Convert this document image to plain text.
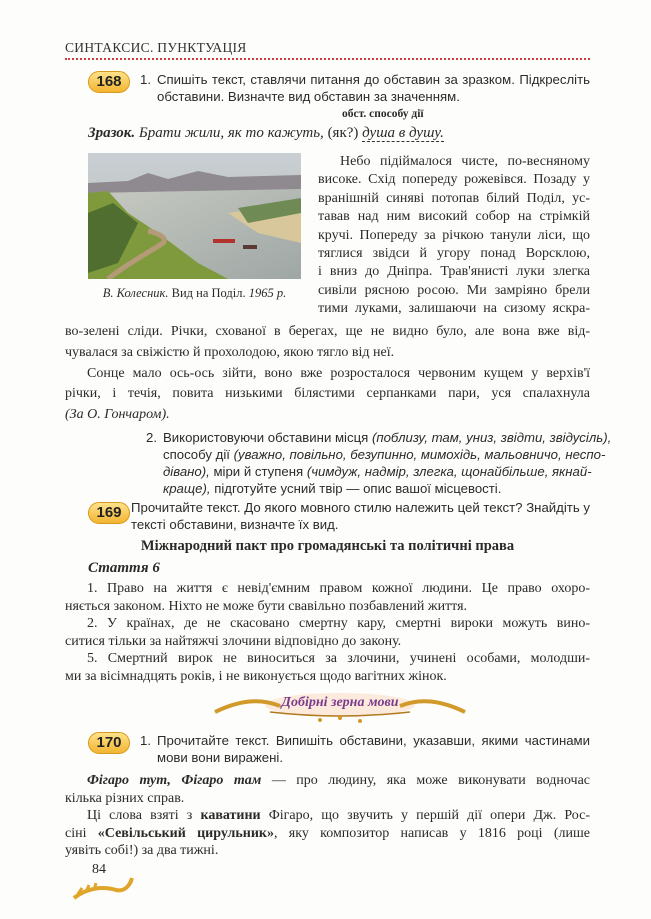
СИНТАКСИС. ПУНКТУАЦІЯ
168	1. Спишіть текст, ставлячи питання до обставин за зразком. Підкресліть
обставини. Визначте вид обставин за значенням.
обст. способу дії
Зразок. Брати жили, як то кажуть, (як?) душа в душу.
В. Колесник. Вид на Поділ. 1965 р.
Небо підіймалося чисте, по-весняному
високе. Схід попереду рожевівся. Позаду у
вранішній синяві потопав білий Поділ, ус-
тавав над ним високий собор на стрімкій
кручі. Попереду за річкою танули ліси, що
тяглися звідси й угору понад Ворсклою,
і вниз до Дніпра. Трав'янисті луки злегка
сивіли рясною росою. Ми замріяно брели
тими луками, залишаючи на сизому яскра-
во-зелені сліди. Річки, схованої в берегах, ще не видно було, але вона вже від-
чувалася за свіжістю й прохолодою, якою тягло від неї.
Сонце мало ось-ось зійти, воно вже розросталося червоним кущем у верхів'ї
річки, і течія, повита низькими білястими серпанками пари, уся спалахнула
(За О. Гончаром).
2. Використовуючи обставини місця (поблизу, там, униз, звідти, звідусіль),
способу дії (уважно, повільно, безупинно, мимохідь, мальовничо, неспо-
дівано), міри й ступеня (чимдуж, надмір, злегка, щонайбільше, якнай-
краще), підготуйте усний твір — опис вашої місцевості.
169 Прочитайте текст. До якого мовного стилю належить цей текст? Знайдіть у
тексті обставини, визначте їх вид.
Міжнародний пакт про громадянські та політичні права
Стаття 6
1. Право на життя є невід'ємним правом кожної людини. Це право охоро-
няється законом. Ніхто не може бути свавільно позбавлений життя.
2. У країнах, де не скасовано смертну кару, смертні вироки можуть вино-
ситися тільки за найтяжчі злочини відповідно до закону.
5. Смертний вирок не виноситься за злочини, учинені особами, молодши-
ми за вісімнадцять років, і не виконується щодо вагітних жінок.
Добірні зерна мови
170	1. Прочитайте текст. Випишіть обставини, указавши, якими частинами
мови вони виражені.
Фігаро тут, Фігаро там — про людину, яка може виконувати водночас
кілька різних справ.
Ці слова взяті з каватини Фігаро, що звучить у першій дії опери Дж. Рос-
сіні «Севільський цирульник», яку композитор написав у 1816 році (лише
уявіть собі!) за два тижні.
84
